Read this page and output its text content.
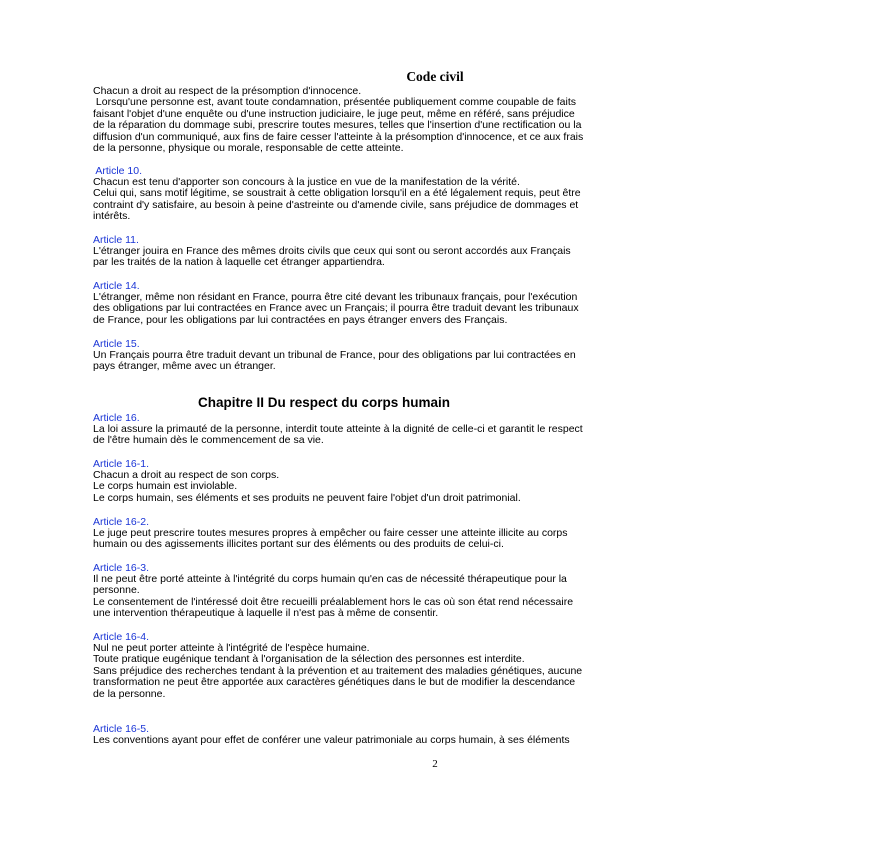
Code civil
Chacun a droit au respect de la présomption d'innocence.
Lorsqu'une personne est, avant toute condamnation, présentée publiquement comme coupable de faits
faisant l'objet d'une enquête ou d'une instruction judiciaire, le juge peut, même en référé, sans préjudice
de la réparation du dommage subi, prescrire toutes mesures, telles que l'insertion d'une rectification ou la
diffusion d'un communiqué, aux fins de faire cesser l'atteinte à la présomption d'innocence, et ce aux frais
de la personne, physique ou morale, responsable de cette atteinte.
Article 10.
Chacun est tenu d'apporter son concours à la justice en vue de la manifestation de la vérité.
Celui qui, sans motif légitime, se soustrait à cette obligation lorsqu'il en a été légalement requis, peut être
contraint d'y satisfaire, au besoin à peine d'astreinte ou d'amende civile, sans préjudice de dommages et
intérêts.
Article 11.
L'étranger jouira en France des mêmes droits civils que ceux qui sont ou seront accordés aux Français
par les traités de la nation à laquelle cet étranger appartiendra.
Article 14.
L'étranger, même non résidant en France, pourra être cité devant les tribunaux français, pour l'exécution
des obligations par lui contractées en France avec un Français; il pourra être traduit devant les tribunaux
de France, pour les obligations par lui contractées en pays étranger envers des Français.
Article 15.
Un Français pourra être traduit devant un tribunal de France, pour des obligations par lui contractées en
pays étranger, même avec un étranger.
Chapitre II Du respect du corps humain
Article 16.
La loi assure la primauté de la personne, interdit toute atteinte à la dignité de celle-ci et garantit le respect
de l'être humain dès le commencement de sa vie.
Article 16-1.
Chacun a droit au respect de son corps.
Le corps humain est inviolable.
Le corps humain, ses éléments et ses produits ne peuvent faire l'objet d'un droit patrimonial.
Article 16-2.
Le juge peut prescrire toutes mesures propres à empêcher ou faire cesser une atteinte illicite au corps
humain ou des agissements illicites portant sur des éléments ou des produits de celui-ci.
Article 16-3.
Il ne peut être porté atteinte à l'intégrité du corps humain qu'en cas de nécessité thérapeutique pour la
personne.
Le consentement de l'intéressé doit être recueilli préalablement hors le cas où son état rend nécessaire
une intervention thérapeutique à laquelle il n'est pas à même de consentir.
Article 16-4.
Nul ne peut porter atteinte à l'intégrité de l'espèce humaine.
Toute pratique eugénique tendant à l'organisation de la sélection des personnes est interdite.
Sans préjudice des recherches tendant à la prévention et au traitement des maladies génétiques, aucune
transformation ne peut être apportée aux caractères génétiques dans le but de modifier la descendance
de la personne.
Article 16-5.
Les conventions ayant pour effet de conférer une valeur patrimoniale au corps humain, à ses éléments
2
